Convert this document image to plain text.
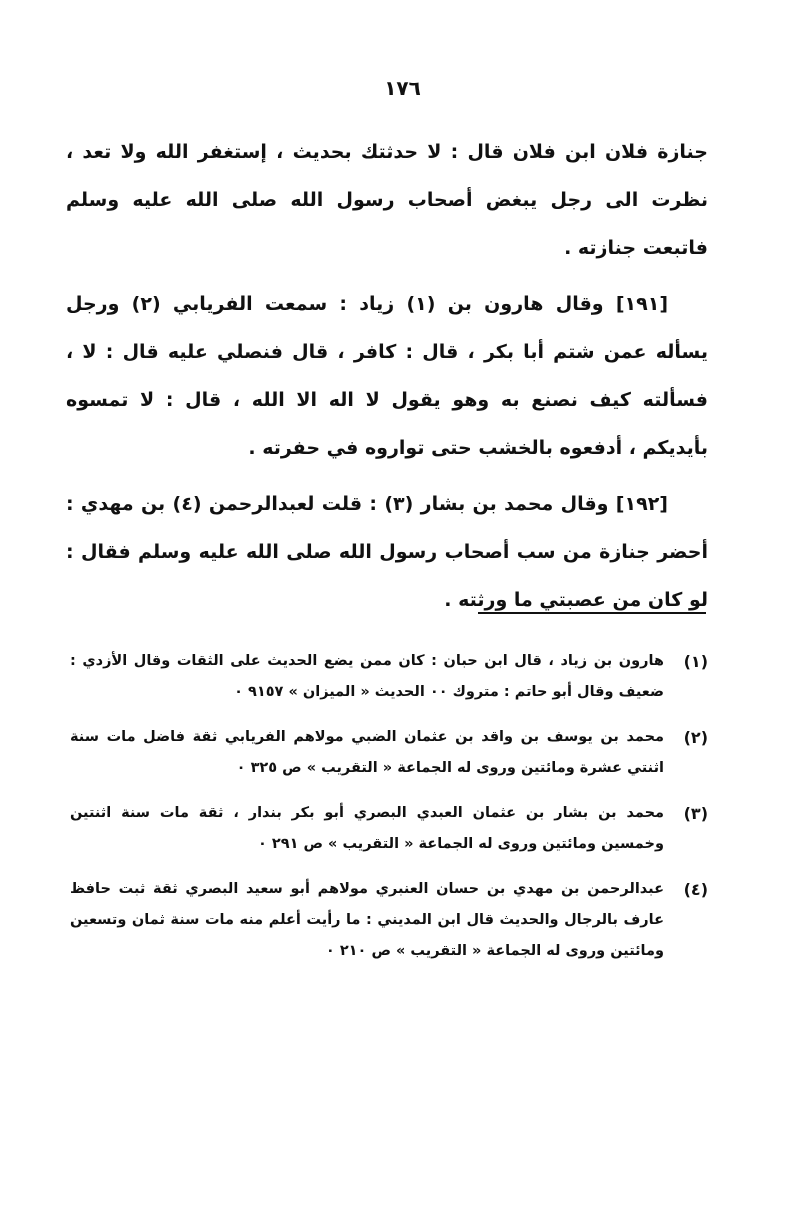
١٧٦

جنازة فلان ابن فلان قال : لا حدثتك بحديث ، إستغفر الله ولا تعد ، نظرت الى رجل يبغض أصحاب رسول الله صلى الله عليه وسلم فاتبعت جنازته .

[١٩١] وقال هارون بن (١) زياد : سمعت الفريابي (٢) ورجل يسأله عمن شتم أبا بكر ، قال : كافر ، قال فنصلي عليه قال : لا ، فسألته كيف نصنع به وهو يقول لا اله الا الله ، قال : لا تمسوه بأيديكم ، أدفعوه بالخشب حتى تواروه في حفرته .

[١٩٢] وقال محمد بن بشار (٣) : قلت لعبدالرحمن (٤) بن مهدي : أحضر جنازة من سب أصحاب رسول الله صلى الله عليه وسلم فقال : لو كان من عصبتي ما ورثته .

(١)
هارون بن زياد ، قال ابن حبان : كان ممن يضع الحديث على الثقات وقال الأزدي : ضعيف وقال أبو حاتم : متروك ٠٠ الحديث « الميزان » ٩١٥٧ ٠
(٢)
محمد بن يوسف بن واقد بن عثمان الضبي مولاهم الفريابي ثقة فاضل مات سنة اثنتي عشرة ومائتين وروى له الجماعة « التقريب » ص ٣٢٥ ٠
(٣)
محمد بن بشار بن عثمان العبدي البصري أبو بكر بندار ، ثقة مات سنة اثنتين وخمسين ومائتين وروى له الجماعة « التقريب » ص ٢٩١ ٠
(٤)
عبدالرحمن بن مهدي بن حسان العنبري مولاهم أبو سعيد البصري ثقة ثبت حافظ عارف بالرجال والحديث قال ابن المديني : ما رأيت أعلم منه مات سنة ثمان وتسعين ومائتين وروى له الجماعة « التقريب » ص ٢١٠ ٠
